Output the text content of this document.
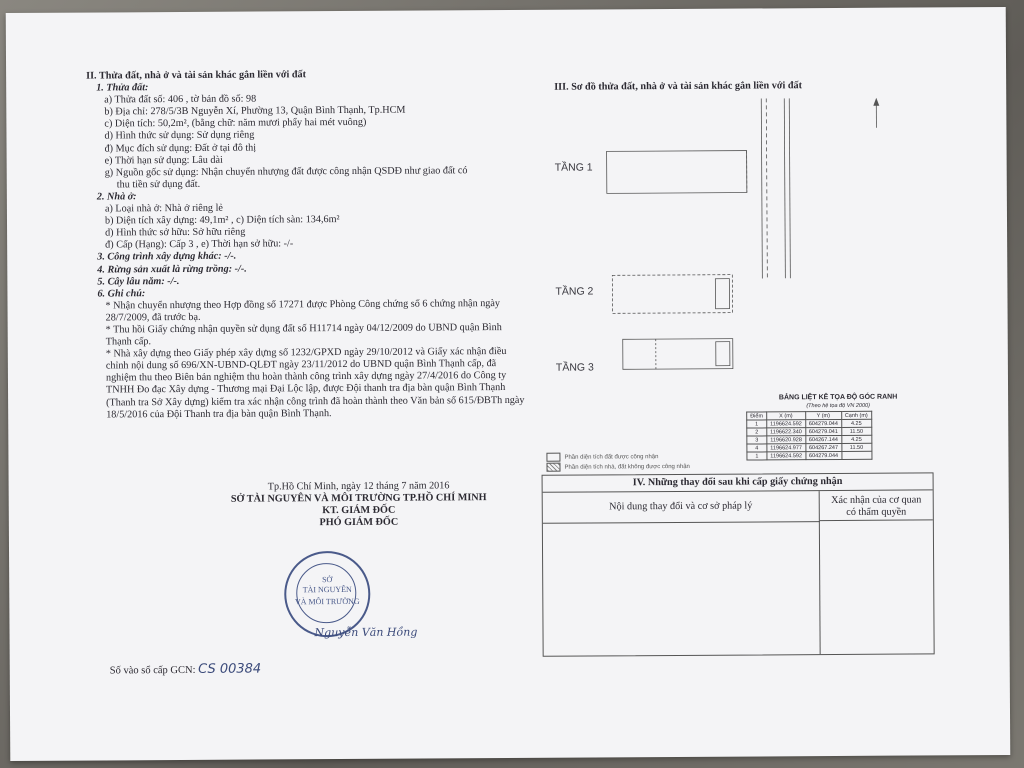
II. Thửa đất, nhà ở và tài sản khác gắn liền với đất
1. Thửa đất:
a) Thửa đất số: 406 , tờ bản đồ số: 98
b) Địa chỉ: 278/5/3B Nguyễn Xí, Phường 13, Quận Bình Thạnh, Tp.HCM
c) Diện tích: 50,2m², (bằng chữ: năm mươi phẩy hai mét vuông)
d) Hình thức sử dụng: Sử dụng riêng
đ) Mục đích sử dụng: Đất ở tại đô thị
e) Thời hạn sử dụng: Lâu dài
g) Nguồn gốc sử dụng: Nhận chuyển nhượng đất được công nhận QSDĐ như giao đất có
thu tiền sử dụng đất.
2. Nhà ở:
a) Loại nhà ở: Nhà ở riêng lẻ
b) Diện tích xây dựng: 49,1m² , c) Diện tích sàn: 134,6m²
d) Hình thức sở hữu: Sở hữu riêng
đ) Cấp (Hạng): Cấp 3 , e) Thời hạn sở hữu: -/-
3. Công trình xây dựng khác: -/-.
4. Rừng sản xuất là rừng trồng: -/-.
5. Cây lâu năm: -/-.
6. Ghi chú:
* Nhận chuyển nhượng theo Hợp đồng số 17271 được Phòng Công chứng số 6 chứng nhận ngày 28/7/2009, đã trước bạ.
* Thu hồi Giấy chứng nhận quyền sử dụng đất số H11714 ngày 04/12/2009 do UBND quận Bình Thạnh cấp.
* Nhà xây dựng theo Giấy phép xây dựng số 1232/GPXD ngày 29/10/2012 và Giấy xác nhận điều chỉnh nội dung số 696/XN-UBND-QLĐT ngày 23/11/2012 do UBND quận Bình Thạnh cấp, đã nghiệm thu theo Biên bản nghiệm thu hoàn thành công trình xây dựng ngày 27/4/2016 do Công ty TNHH Đo đạc Xây dựng - Thương mại Đại Lộc lập, được Đội thanh tra địa bàn quận Bình Thạnh (Thanh tra Sở Xây dựng) kiểm tra xác nhận công trình đã hoàn thành theo Văn bản số 615/ĐBTh ngày 18/5/2016 của Đội Thanh tra địa bàn quận Bình Thạnh.
Tp.Hồ Chí Minh, ngày 12 tháng 7 năm 2016
SỞ TÀI NGUYÊN VÀ MÔI TRƯỜNG TP.HỒ CHÍ MINH
KT. GIÁM ĐỐC
PHÓ GIÁM ĐỐC
SỞ
TÀI NGUYÊN
VÀ MÔI TRƯỜNG
Nguyễn Văn Hồng
Số vào sổ cấp GCN: CS 00384
III. Sơ đồ thửa đất, nhà ở và tài sản khác gắn liền với đất
TẦNG 1
TẦNG 2
TẦNG 3
BẢNG LIỆT KÊ TỌA ĐỘ GÓC RANH
(Theo hệ tọa độ VN 2000)
Điểm	X (m)	Y (m)	Cạnh (m)
1	1196624.592	604279.044	4.25
2	1196622.340	604279.041	11.50
3	1196620.928	604267.144	4.25
4	1196624.977	604267.247	11.50
1	1196624.592	604279.044	
Phần diện tích đất được công nhận
Phần diện tích nhà, đất không được công nhận
IV. Những thay đổi sau khi cấp giấy chứng nhận
Nội dung thay đổi và cơ sở pháp lý
Xác nhận của cơ quan
có thẩm quyền
